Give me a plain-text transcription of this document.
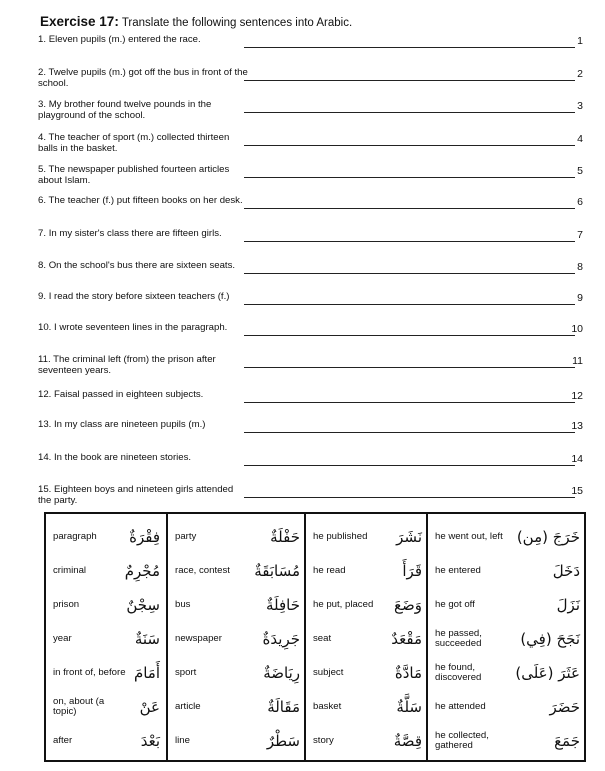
Exercise 17: Translate the following sentences into Arabic.
1. Eleven pupils (m.) entered the race.	1
2. Twelve pupils (m.) got off the bus in front of the school.
2
3. My brother found twelve pounds in the playground of the school.
3
4. The teacher of sport (m.) collected thirteen balls in the basket.
4
5. The newspaper published fourteen articles about Islam.
5
6. The teacher (f.) put fifteen books on her desk.	6
7. In my sister's class there are fifteen girls.	7
8. On the school's bus there are sixteen seats.	8
9. I read the story before sixteen teachers (f.)	9
10. I wrote seventeen lines in the paragraph.	10
11. The criminal left (from) the prison after seventeen years.
11
12. Faisal passed in eighteen subjects.	12
13. In my class are nineteen pupils (m.)	13
14. In the book are nineteen stories.	14
15. Eighteen boys and nineteen girls attended the party.
15
paragraph	فِقْرَةٌ
criminal	مُجْرِمٌ
prison	سِجْنٌ
year	سَنَةٌ
in front of, before أَمَامَ
on, about (a topic)	عَنْ
after	بَعْدَ
party	حَفْلَةٌ
race, contest	مُسَابَقَةٌ
bus	حَافِلَةٌ
newspaper	جَرِيدَةٌ
sport	رِيَاضَةٌ
article	مَقَالَةٌ
line	سَطْرٌ
he published	نَشَرَ
he read	قَرَأَ
he put, placed	وَضَعَ
seat	مَقْعَدٌ
subject	مَادَّةٌ
basket	سَلَّةٌ
story	قِصَّةٌ
he went out, left خَرَجَ (مِن)
he entered	دَخَلَ
he got off	نَزَلَ
he passed, succeeded	نَجَحَ (فِي)
he found, discovered	عَثَرَ (عَلَى)
he attended	حَضَرَ
he collected, gathered	جَمَعَ
